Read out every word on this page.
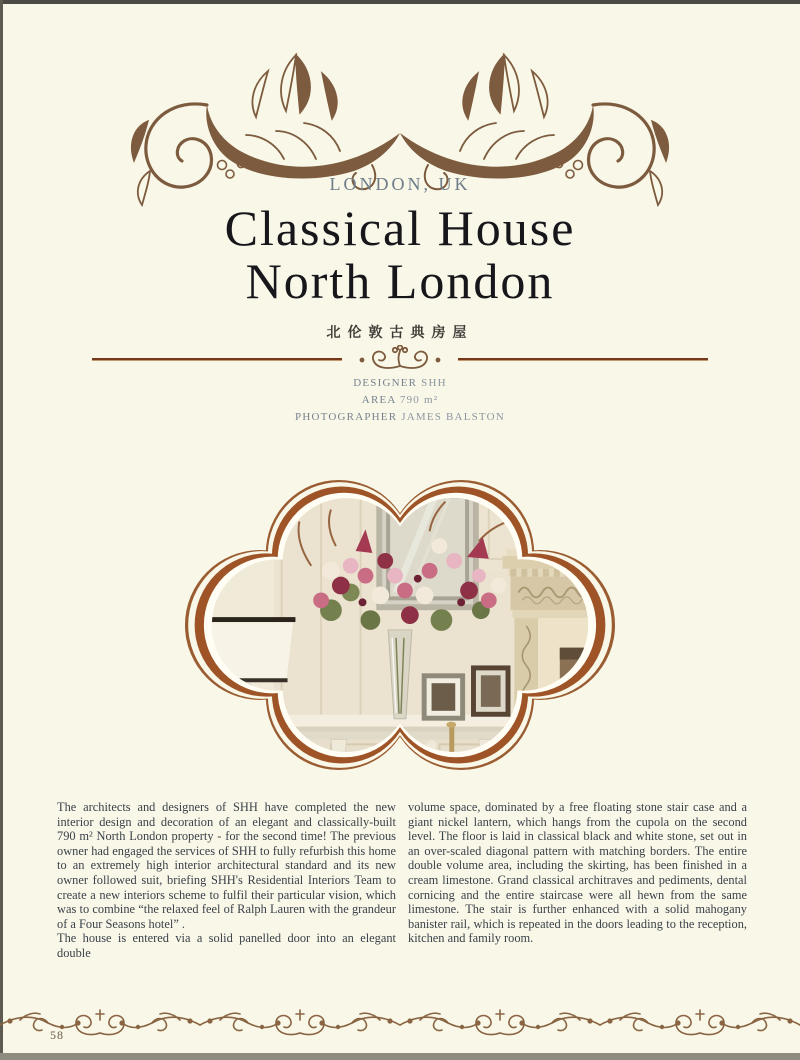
LONDON, UK
Classical House
North London
北伦敦古典房屋
DESIGNER SHH
AREA 790 m²
PHOTOGRAPHER JAMES BALSTON

The architects and designers of SHH have completed the new interior design and decoration of an elegant and classically-built 790 m² North London property - for the second time! The previous owner had engaged the services of SHH to fully refurbish this home to an extremely high interior architectural standard and its new owner followed suit, briefing SHH's Residential Interiors Team to create a new interiors scheme to fulfil their particular vision, which was to combine “the relaxed feel of Ralph Lauren with the grandeur of a Four Seasons hotel” .

The house is entered via a solid panelled door into an elegant double

volume space, dominated by a free floating stone stair case and a giant nickel lantern, which hangs from the cupola on the second level. The floor is laid in classical black and white stone, set out in an over-scaled diagonal pattern with matching borders. The entire double volume area, including the skirting, has been finished in a cream limestone. Grand classical architraves and pediments, dental cornicing and the entire staircase were all hewn from the same limestone. The stair is further enhanced with a solid mahogany banister rail, which is repeated in the doors leading to the reception, kitchen and family room.

58
